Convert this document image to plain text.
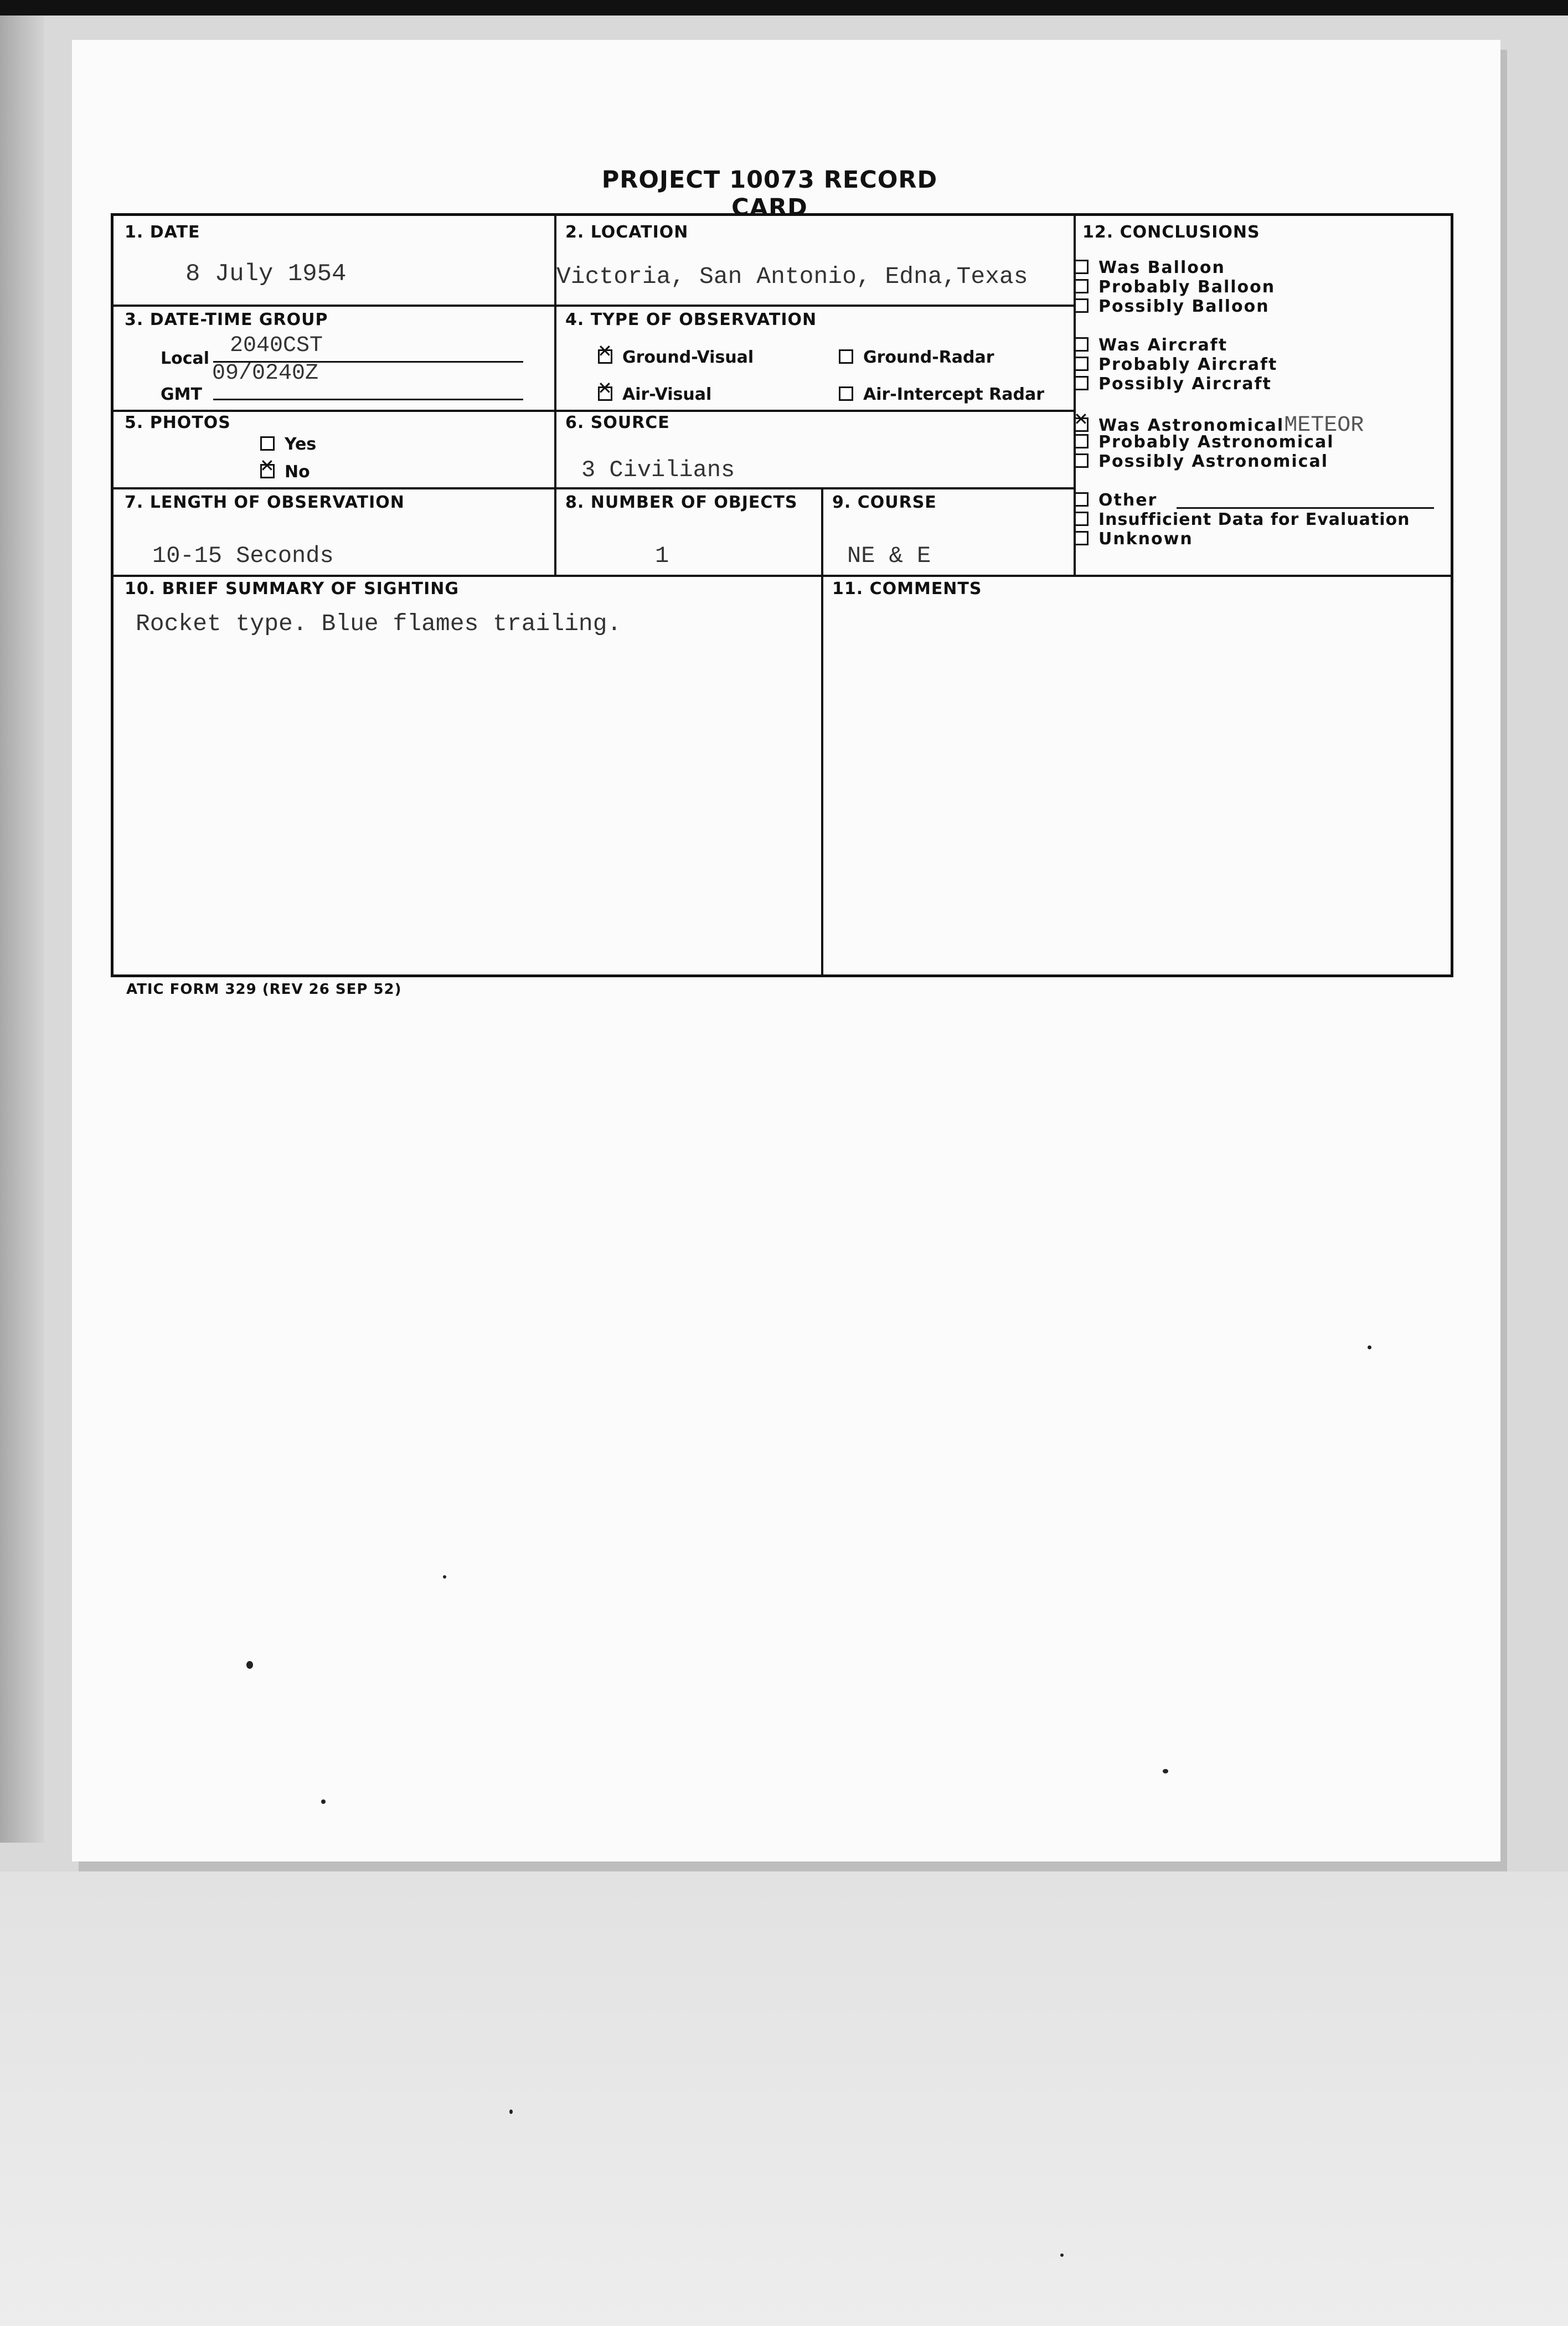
PROJECT 10073 RECORD CARD
1. DATE
8 July 1954
2. LOCATION
Victoria, San Antonio, Edna,Texas
3. DATE-TIME GROUP
Local
2040CST
GMT
09/0240Z
4. TYPE OF OBSERVATION
✕Ground-Visual	Ground-Radar
✕Air-Visual	Air-Intercept Radar
5. PHOTOS
Yes
✕No
6. SOURCE
3 Civilians
7. LENGTH OF OBSERVATION
10-15 Seconds
8. NUMBER OF OBJECTS
1
9. COURSE
NE & E
10. BRIEF SUMMARY OF SIGHTING
Rocket type. Blue flames trailing.
11. COMMENTS
12. CONCLUSIONS
Was Balloon
Probably Balloon
Possibly Balloon
Was Aircraft
Probably Aircraft
Possibly Aircraft
✕Was AstronomicalMETEOR
Probably Astronomical
Possibly Astronomical
Other
Insufficient Data for Evaluation
Unknown
ATIC FORM 329 (REV 26 SEP 52)
